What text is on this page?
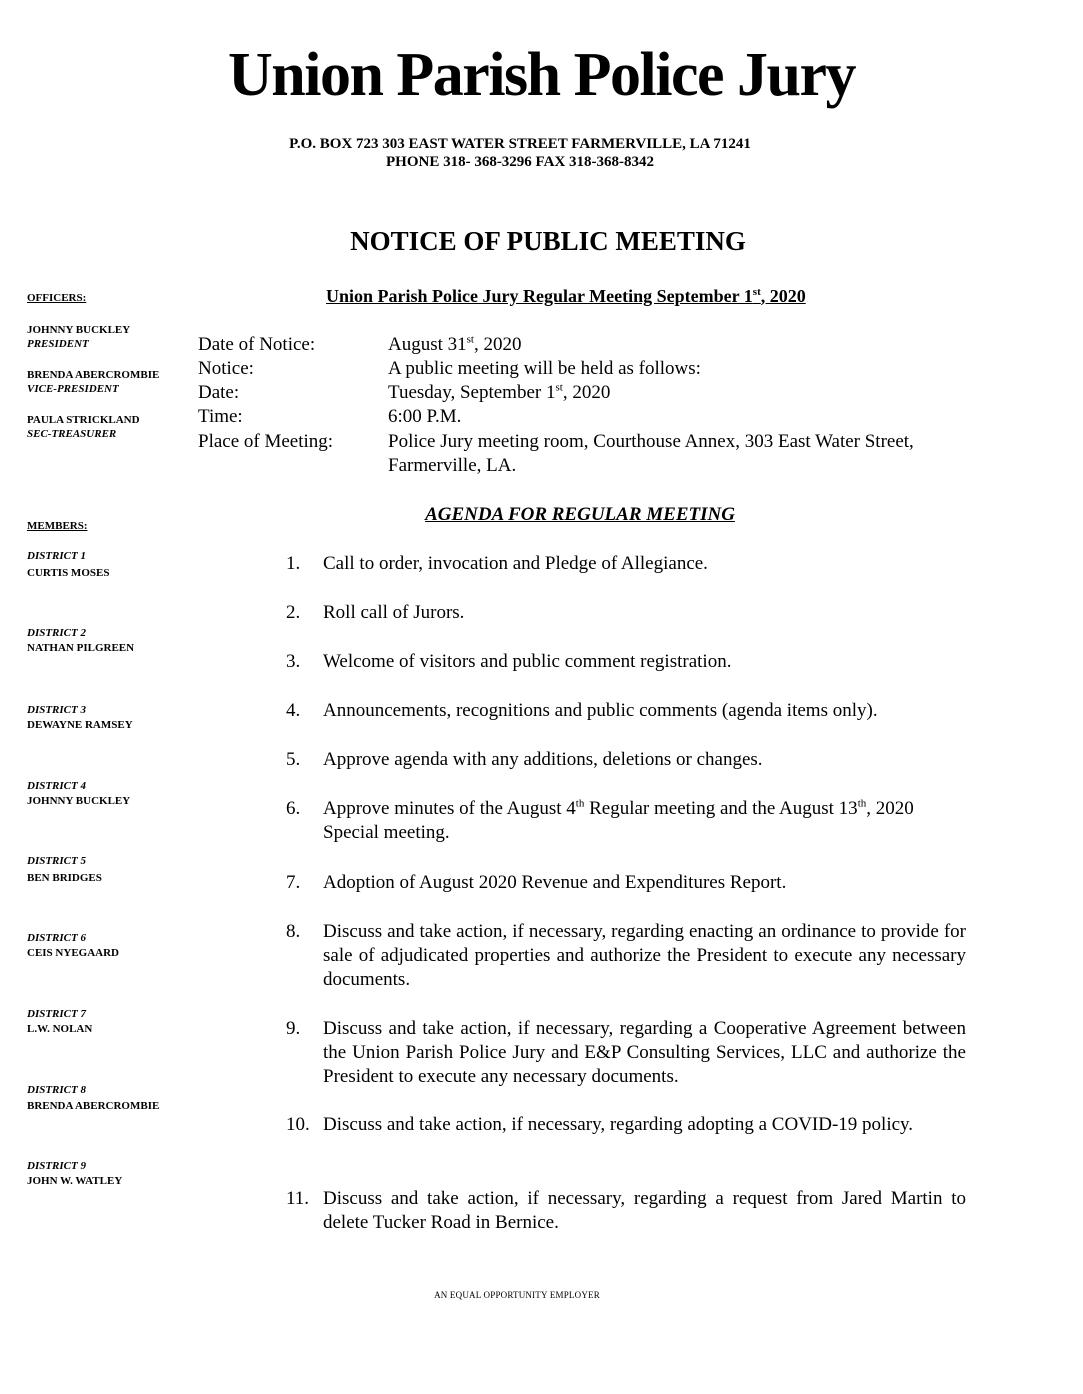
Union Parish Police Jury
P.O. BOX 723 303 EAST WATER STREET FARMERVILLE, LA 71241
PHONE 318- 368-3296 FAX 318-368-8342
NOTICE OF PUBLIC MEETING
OFFICERS:	Union Parish Police Jury Regular Meeting September 1st, 2020
JOHNNY BUCKLEY
PRESIDENT
BRENDA ABERCROMBIE
VICE-PRESIDENT
PAULA STRICKLAND
SEC-TREASURER
Date of Notice:	August 31st, 2020
Notice:	A public meeting will be held as follows:
Date:	Tuesday, September 1st, 2020
Time:	6:00 P.M.
Place of Meeting:	Police Jury meeting room, Courthouse Annex, 303 East Water Street, Farmerville, LA.
MEMBERS:
DISTRICT 1
CURTIS MOSES
DISTRICT 2
NATHAN PILGREEN
DISTRICT 3
DEWAYNE RAMSEY
DISTRICT 4
JOHNNY BUCKLEY
DISTRICT 5
BEN BRIDGES
DISTRICT 6
CEIS NYEGAARD
DISTRICT 7
L.W. NOLAN
DISTRICT 8
BRENDA ABERCROMBIE
DISTRICT 9
JOHN W. WATLEY
AGENDA FOR REGULAR MEETING
1.	Call to order, invocation and Pledge of Allegiance.
2.	Roll call of Jurors.
3.	Welcome of visitors and public comment registration.
4.	Announcements, recognitions and public comments (agenda items only).
5.	Approve agenda with any additions, deletions or changes.
6.	Approve minutes of the August 4th Regular meeting and the August 13th, 2020 Special meeting.
7.	Adoption of August 2020 Revenue and Expenditures Report.
8.	Discuss and take action, if necessary, regarding enacting an ordinance to provide for sale of adjudicated properties and authorize the President to execute any necessary documents.
9.	Discuss and take action, if necessary, regarding a Cooperative Agreement between the Union Parish Police Jury and E&P Consulting Services, LLC and authorize the President to execute any necessary documents.
10. Discuss and take action, if necessary, regarding adopting a COVID-19 policy.
11. Discuss and take action, if necessary, regarding a request from Jared Martin to delete Tucker Road in Bernice.
AN EQUAL OPPORTUNITY EMPLOYER
